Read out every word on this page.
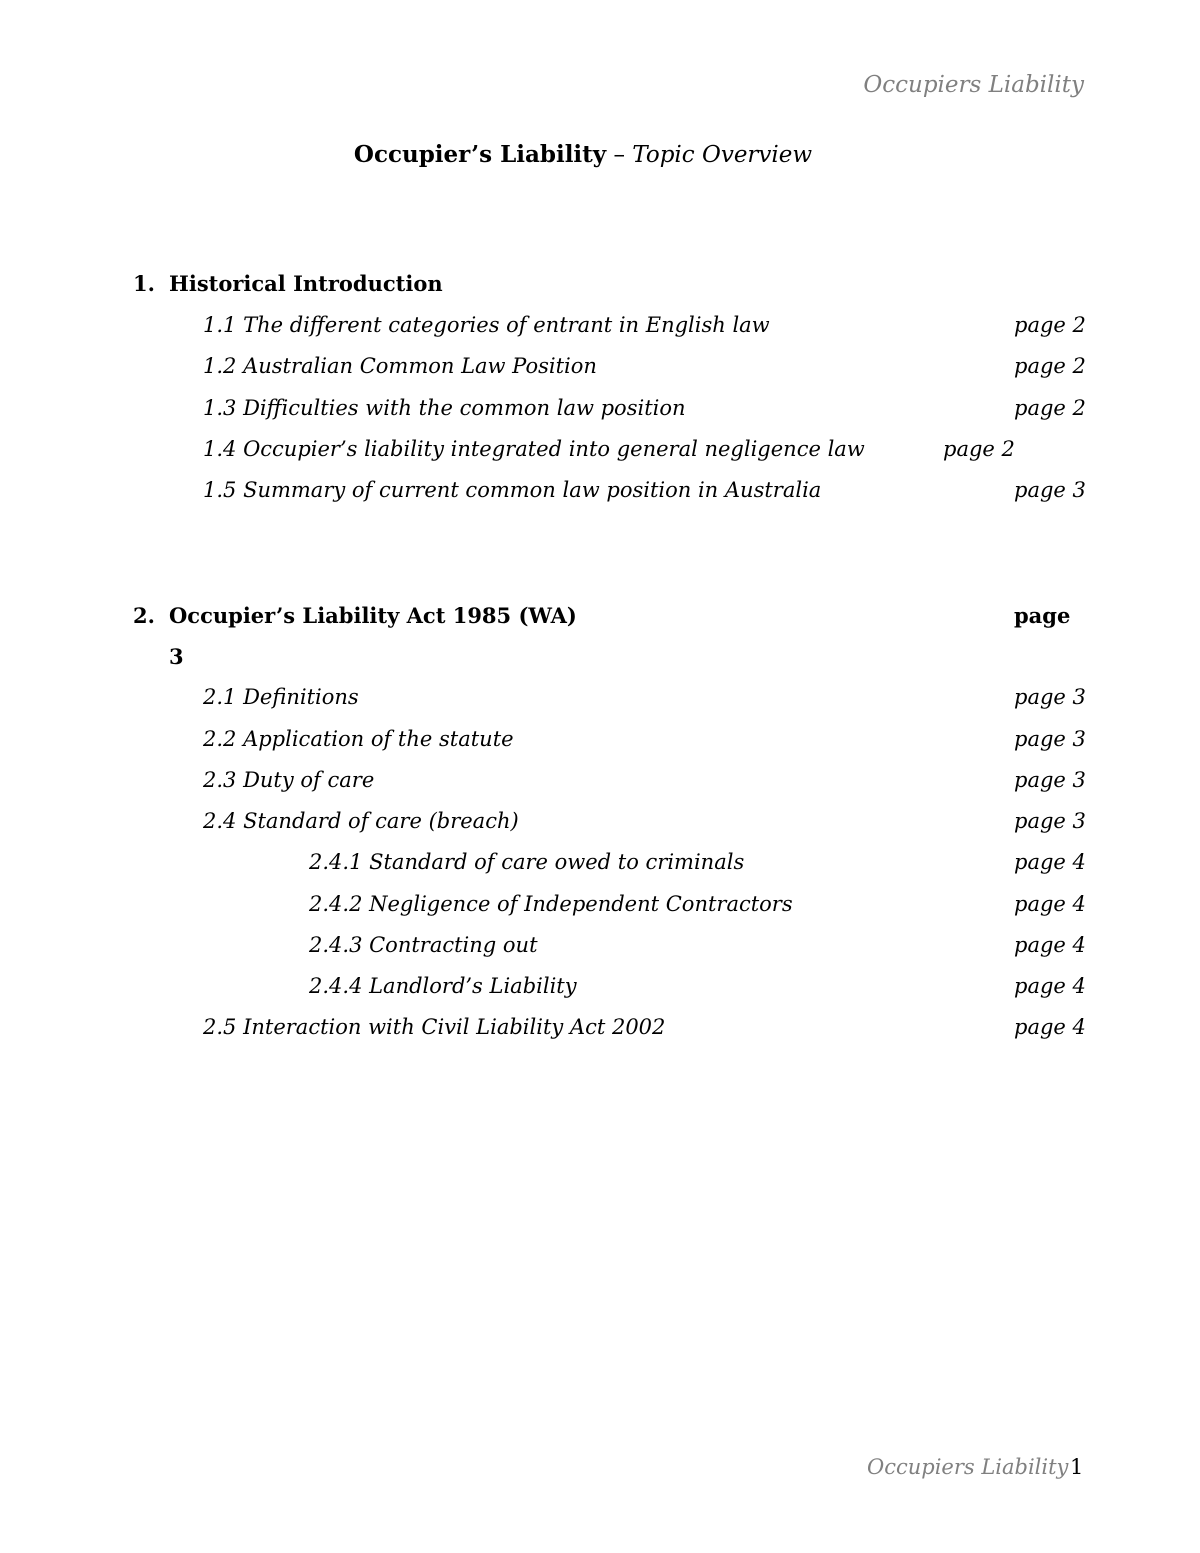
Occupiers Liability
Occupier’s Liability – Topic Overview
1. Historical Introduction
1.1 The different categories of entrant in English law	page 2
1.2 Australian Common Law Position	page 2
1.3 Difficulties with the common law position	page 2
1.4 Occupier’s liability integrated into general negligence law	page 2
1.5 Summary of current common law position in Australia	page 3
2. Occupier’s Liability Act 1985 (WA)	page
3
2.1 Definitions	page 3
2.2 Application of the statute	page 3
2.3 Duty of care	page 3
2.4 Standard of care (breach)	page 3
2.4.1 Standard of care owed to criminals	page 4
2.4.2 Negligence of Independent Contractors	page 4
2.4.3 Contracting out	page 4
2.4.4 Landlord’s Liability	page 4
2.5 Interaction with Civil Liability Act 2002	page 4
Occupiers Liability 1
